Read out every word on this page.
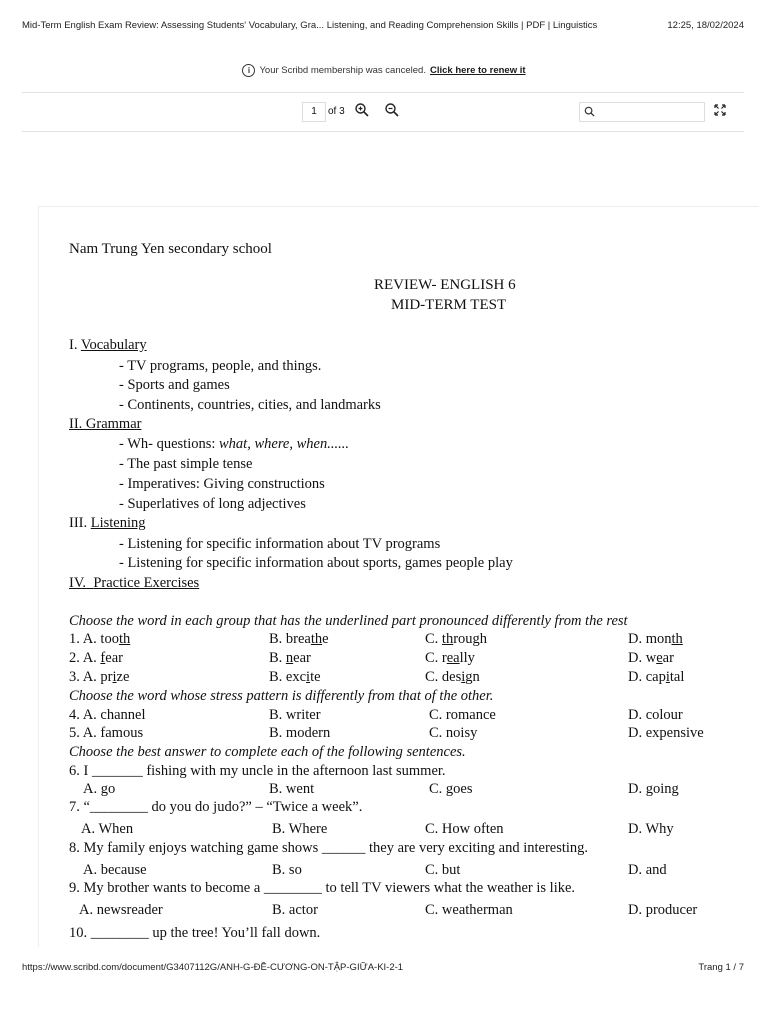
Mid-Term English Exam Review: Assessing Students' Vocabulary, Gra... Listening, and Reading Comprehension Skills | PDF | Linguistics	12:25, 18/02/2024
i Your Scribd membership was canceled. Click here to renew it
1	of 3
Nam Trung Yen secondary school
REVIEW- ENGLISH 6
MID-TERM TEST
I. Vocabulary
- TV programs, people, and things.
- Sports and games
- Continents, countries, cities, and landmarks
II. Grammar
- Wh- questions: what, where, when......
- The past simple tense
- Imperatives: Giving constructions
- Superlatives of long adjectives
III. Listening
- Listening for specific information about TV programs
- Listening for specific information about sports, games people play
IV. Practice Exercises
Choose the word in each group that has the underlined part pronounced differently from the rest
1. A. tooth	B. breathe	C. through	D. month
2. A. fear	B. near	C. really	D. wear
3. A. prize	B. excite	C. design	D. capital
Choose the word whose stress pattern is differently from that of the other.
4. A. channel	B. writer	C. romance	D. colour
5. A. famous	B. modern	C. noisy	D. expensive
Choose the best answer to complete each of the following sentences.
6. I _______ fishing with my uncle in the afternoon last summer.
A. go	B. went	C. goes	D. going
7. “________ do you do judo?” – “Twice a week”.
A. When	B. Where	C. How often	D. Why
8. My family enjoys watching game shows ______ they are very exciting and interesting.
A. because	B. so	C. but	D. and
9. My brother wants to become a ________ to tell TV viewers what the weather is like.
A. newsreader	B. actor	C. weatherman	D. producer
10. ________ up the tree! You’ll fall down.
https://www.scribd.com/document/G3407112G/ANH-G-ĐỀ-CƯƠNG-ON-TẬP-GIỮA-KI-2-1	Trang 1 / 7
